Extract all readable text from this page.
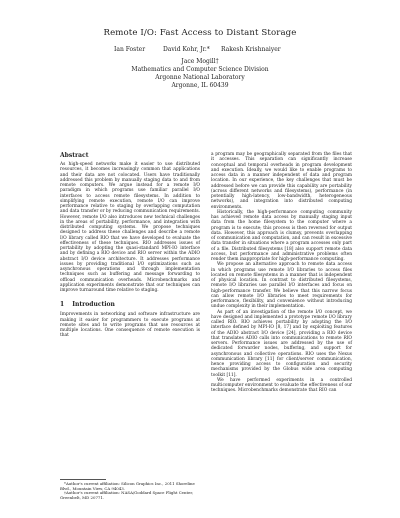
Remote I/O: Fast Access to Distant Storage
Ian Foster	David Kohr, Jr.* Rakesh Krishnaiyer
Jace Mogill†
Mathematics and Computer Science Division
Argonne National Laboratory
Argonne, IL 60439
Abstract

As high-speed networks make it easier to use distributed resources, it becomes increasingly common that applications and their data are not colocated. Users have traditionally addressed this problem by manually staging data to and from remote computers. We argue instead for a remote I/O paradigm in which programs use familiar parallel I/O interfaces to access remote filesystems. In addition to simplifying remote execution, remote I/O can improve performance relative to staging by overlapping computation and data transfer or by reducing communication requirements. However, remote I/O also introduces new technical challenges in the areas of portability, performance, and integration with distributed computing systems. We propose techniques designed to address these challenges and describe a remote I/O library called RIO that we have developed to evaluate the effectiveness of these techniques. RIO addresses issues of portability by adopting the quasi-standard MPI-IO interface and by defining a RIO device and RIO server within the ADIO abstract I/O device architecture. It addresses performance issues by providing traditional I/O optimizations such as asynchronous operations and through implementation techniques such as buffering and message forwarding to offload communication overheads. Microbenchmarks and application experiments demonstrate that our techniques can improve turnaround time relative to staging.

1 Introduction

Improvements in networking and software infrastructure are making it easier for programmers to execute programs at remote sites and to write programs that use resources at multiple locations. One consequence of remote execution is that

a program may be geographically separated from the files that it accesses. This separation can significantly increase conceptual and temporal overheads in program development and execution. Ideally, we would like to enable programs to access data in a manner independent of data and program location. In our experience, the key challenges that must be addressed before we can provide this capability are portability (across different networks and filesystems), performance (in potentially high-latency, low-bandwidth, heterogeneous networks), and integration into distributed computing environments.

Historically, the high-performance computing community has achieved remote data access by manually staging input data from the home filesystem to the computer where a program is to execute; this process is then reversed for output data. However, this approach is clumsy, prevents overlapping of communication and computation, and can result in excessive data transfer in situations where a program accesses only part of a file. Distributed filesystems [18] also support remote data access, but performance and administrative problems often render them inappropriate for high-performance computing.

We propose an alternative approach to remote data access in which programs use remote I/O libraries to access files located on remote filesystems in a manner that is independent of physical location. In contrast to distributed filesystems, remote I/O libraries use parallel I/O interfaces and focus on high-performance transfer. We believe that this narrow focus can allow remote I/O libraries to meet requirements for performance, flexibility, and convenience without introducing undue complexity in their implementation.

As part of an investigation of the remote I/O concept, we have designed and implemented a prototype remote I/O library called RIO. RIO achieves portability by adopting the I/O interface defined by MPI-IO [8, 17] and by exploiting features of the ADIO abstract I/O device [24], providing a RIO device that translates ADIO calls into communications to remote RIO servers. Performance issues are addressed by the use of dedicated forwarder nodes, buffering, and support for asynchronous and collective operations. RIO uses the Nexus communication library [11] for client/server communication, hence providing access to configuration and security mechanisms provided by the Globus wide area computing toolkit [11].

We have performed experiments in a controlled multicomputer environment to evaluate the effectiveness of our techniques. Microbenchmarks demonstrate that RIO can

*Author's current affiliation: Silicon Graphics Inc., 2011 Shoreline Blvd., Mountain View, CA 94043.

†Author's current affiliation: NASA/Goddard Space Flight Center, Greenbelt, MD 20771.
